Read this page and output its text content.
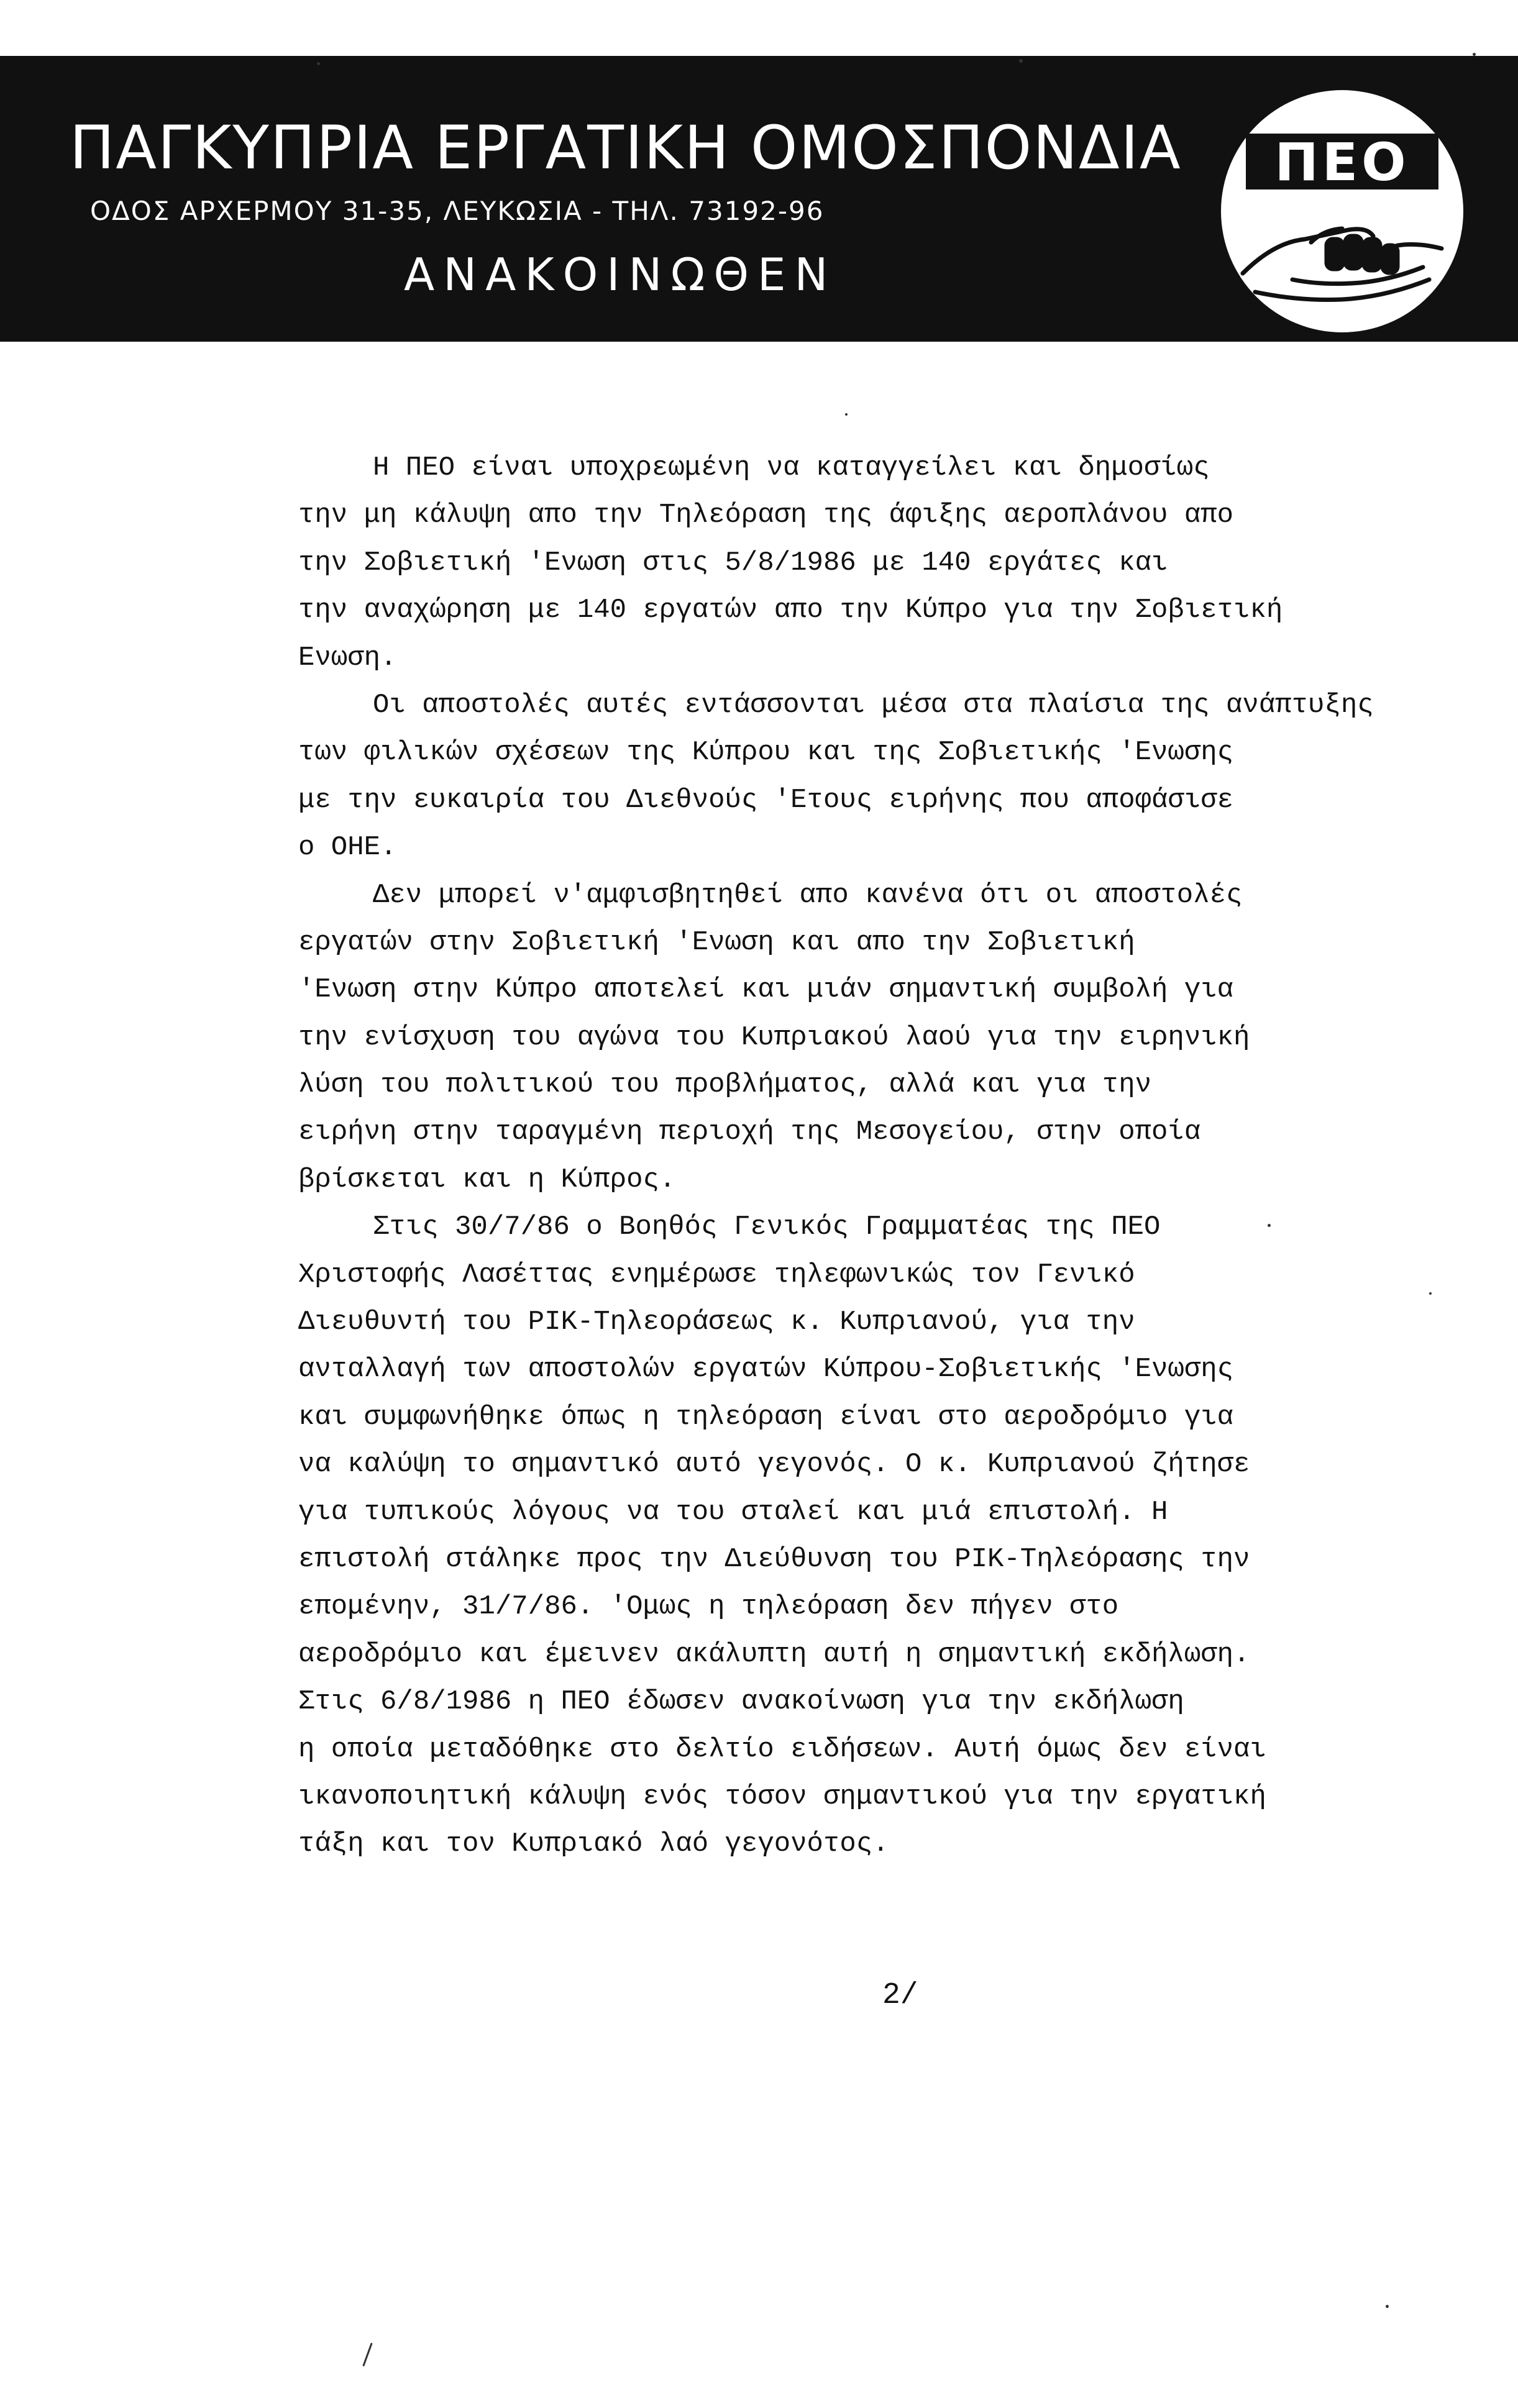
ΠΑΓΚΥΠΡΙΑ ΕΡΓΑΤΙΚΗ ΟΜΟΣΠΟΝΔΙΑ
ΟΔΟΣ ΑΡΧΕΡΜΟΥ 31-35, ΛΕΥΚΩΣΙΑ - ΤΗΛ. 73192-96
ΑΝΑΚΟΙΝΩΘΕΝ
ΠΕΟ
Η ΠΕΟ είναι υποχρεωμένη να καταγγείλει και δημοσίως
την μη κάλυψη απο την Τηλεόραση της άφιξης αεροπλάνου απο
την Σοβιετική 'Ενωση στις 5/8/1986 με 140 εργάτες και
την αναχώρηση με 140 εργατών απο την Κύπρο για την Σοβιετική
Ενωση.
Οι αποστολές αυτές εντάσσονται μέσα στα πλαίσια της ανάπτυξης
των φιλικών σχέσεων της Κύπρου και της Σοβιετικής 'Ενωσης
με την ευκαιρία του Διεθνούς 'Ετους ειρήνης που αποφάσισε
ο ΟΗΕ.
Δεν μπορεί ν'αμφισβητηθεί απο κανένα ότι οι αποστολές
εργατών στην Σοβιετική 'Ενωση και απο την Σοβιετική
'Ενωση στην Κύπρο αποτελεί και μιάν σημαντική συμβολή για
την ενίσχυση του αγώνα του Κυπριακού λαού για την ειρηνική
λύση του πολιτικού του προβλήματος, αλλά και για την
ειρήνη στην ταραγμένη περιοχή της Μεσογείου, στην οποία
βρίσκεται και η Κύπρος.
Στις 30/7/86 ο Βοηθός Γενικός Γραμματέας της ΠΕΟ
Χριστοφής Λασέττας ενημέρωσε τηλεφωνικώς τον Γενικό
Διευθυντή του ΡΙΚ-Τηλεοράσεως κ. Κυπριανού, για την
ανταλλαγή των αποστολών εργατών Κύπρου-Σοβιετικής 'Ενωσης
και συμφωνήθηκε όπως η τηλεόραση είναι στο αεροδρόμιο για
να καλύψη το σημαντικό αυτό γεγονός. Ο κ. Κυπριανού ζήτησε
για τυπικούς λόγους να του σταλεί και μιά επιστολή. Η
επιστολή στάληκε προς την Διεύθυνση του ΡΙΚ-Τηλεόρασης την
επομένην, 31/7/86. 'Ομως η τηλεόραση δεν πήγεν στο
αεροδρόμιο και έμεινεν ακάλυπτη αυτή η σημαντική εκδήλωση.
Στις 6/8/1986 η ΠΕΟ έδωσεν ανακοίνωση για την εκδήλωση
η οποία μεταδόθηκε στο δελτίο ειδήσεων. Αυτή όμως δεν είναι
ικανοποιητική κάλυψη ενός τόσον σημαντικού για την εργατική
τάξη και τον Κυπριακό λαό γεγονότος.
2/
